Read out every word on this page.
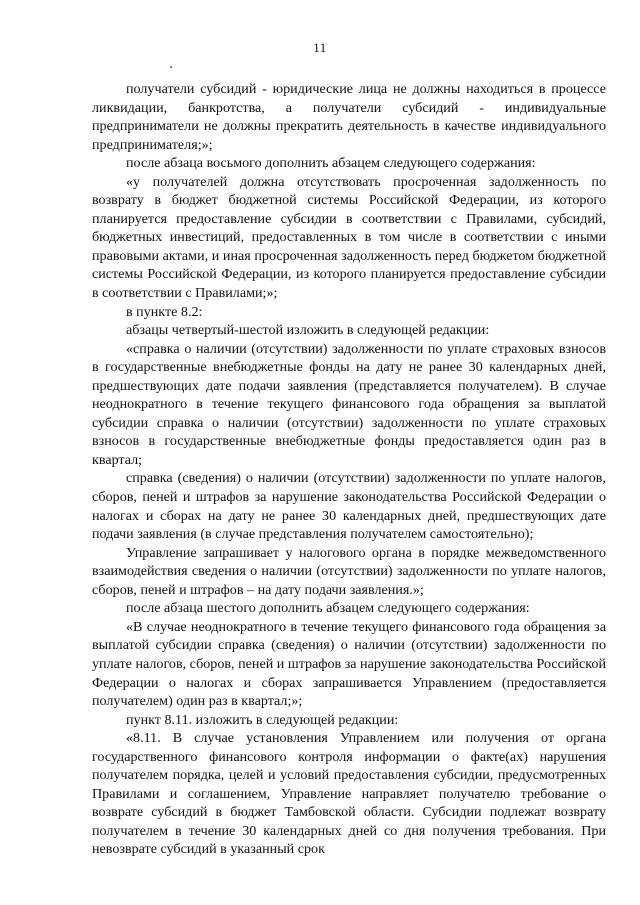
11

получатели субсидий - юридические лица не должны находиться в процессе ликвидации, банкротства, а получатели субсидий - индивидуальные предприниматели не должны прекратить деятельность в качестве индивидуального предпринимателя;»;

после абзаца восьмого дополнить абзацем следующего содержания:

«у получателей должна отсутствовать просроченная задолженность по возврату в бюджет бюджетной системы Российской Федерации, из которого планируется предоставление субсидии в соответствии с Правилами, субсидий, бюджетных инвестиций, предоставленных в том числе в соответствии с иными правовыми актами, и иная просроченная задолженность перед бюджетом бюджетной системы Российской Федерации, из которого планируется предоставление субсидии в соответствии с Правилами;»;

в пункте 8.2:

абзацы четвертый-шестой изложить в следующей редакции:

«справка о наличии (отсутствии) задолженности по уплате страховых взносов в государственные внебюджетные фонды на дату не ранее 30 календарных дней, предшествующих дате подачи заявления (представляется получателем). В случае неоднократного в течение текущего финансового года обращения за выплатой субсидии справка о наличии (отсутствии) задолженности по уплате страховых взносов в государственные внебюджетные фонды предоставляется один раз в квартал;

справка (сведения) о наличии (отсутствии) задолженности по уплате налогов, сборов, пеней и штрафов за нарушение законодательства Российской Федерации о налогах и сборах на дату не ранее 30 календарных дней, предшествующих дате подачи заявления (в случае представления получателем самостоятельно);

Управление запрашивает у налогового органа в порядке межведомственного взаимодействия сведения о наличии (отсутствии) задолженности по уплате налогов, сборов, пеней и штрафов – на дату подачи заявления.»;

после абзаца шестого дополнить абзацем следующего содержания:

«В случае неоднократного в течение текущего финансового года обращения за выплатой субсидии справка (сведения) о наличии (отсутствии) задолженности по уплате налогов, сборов, пеней и штрафов за нарушение законодательства Российской Федерации о налогах и сборах запрашивается Управлением (предоставляется получателем) один раз в квартал;»;

пункт 8.11. изложить в следующей редакции:

«8.11. В случае установления Управлением или получения от органа государственного финансового контроля информации о факте(ах) нарушения получателем порядка, целей и условий предоставления субсидии, предусмотренных Правилами и соглашением, Управление направляет получателю требование о возврате субсидий в бюджет Тамбовской области. Субсидии подлежат возврату получателем в течение 30 календарных дней со дня получения требования. При невозврате субсидий в указанный срок
